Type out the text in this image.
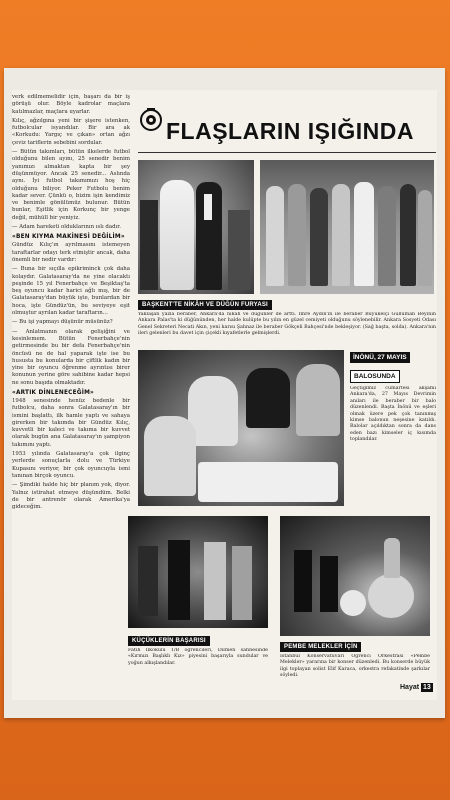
verk edilmemelidir için, başarı da bir iş görüşü olur. Böyle kadrolar maçlara katılmazlar, maçlara uyarlar.

Kılıç, ağzılgına yeni bir şişere istenken, futbolcular isyandılar. Bir ara ak «Korkudu: Yargıç ve çıkan» ortan ağzı çeviz tariflerin sebebini sordular.

— Bütün takımları, bütün ilkelerde futbol olduğunu bilen ayını, 25 senedir benim yanımızı almaktan kapta bir şey düşünmüyor. Ancak 25 senedir... Aslında aynı. İyi futbol takımımızı hoş hiç olduğunu biliyor. Peker Futbolu benim kadar sever. Çünkü o, bizim işin kendimiz ve benimle gönülümüz bulunur. Bütün bunlar, Eşitlik için Korkunç bir yenge değil, mühüll bir yeniyiz.

— Adam hareketi olduklarının ıslı dadır.

«BEN KIYMA MAKİNESİ DEĞİLİM»

Gündüz Kılıç'ın ayrılmasını istemeyen taraftarlar odayı terk etmiştir ancak, daha önemli bir nedir vardır:

— Buna bir sıçılla epikriminck çok daha kolaydır. Galatasaray'da ne yine olacaktı peşinde 15 yıl Fenerbahçe ve Beşiktaş'ta beş oyuncu kadar harici ağlı mış, bir de Galatasaray'dan büyük işte, bunlardan bir hoca, işte Gündüz'ün, bu seviyeye eşit olmuştur ayrılan kadar taraftarın...

— Bu işi yapmayı düşünür müsünüz?

— Anlatmanın olarak gelişiğini ve kesinlemem. Bütün Fenerbahçe'nin getirmesinde bu bir defa Fenerbahçe'nin öncüsü ne de hal yaparak işte ise bu hususta bu konularda bir çiftlik kadın bir yine bir oyuncu öğrenme ayrıntısı birer konunun yerine göre sahibine kadar hepsi ne sonu başıda olmaktadır.

«ARTIK DİNLENECEĞİM»

1948 senesinde henüz bedenle bir futbolcu, daha sonra Galatasaray'ın bir ismini başlattı, ilk hamle yaptı ve sahaya girerken bir takımda bir Gündüz Kılıç, kuvvetli bir kaleci ve takıma bir kuvvet olarak bugün ana Galatasaray'ın şampiyon takımını yaptı.

1953 yılında Galatasaray'a çok ilginç yerlerde sonuçlarla dolu ve Türkiye Kupasını veriyor, bir çok oyuncuyla ismi tanınan birçok oyuncu.

— Şimdiki halde hiç bir planım yok, diyor. Yalnız istirahat etmeye düşündüm. Belki de bir antrenör olarak Amerika'ya gideceğim.

FLAŞLARIN IŞIĞINDA
BAŞKENT'TE NİKÂH VE DÜĞÜN FURYASI
Yaklaşan yazla beraber, Ankara'da nikâh ve düğünler de arttı. İmre Aydın'ın ile beraber Büyükelçi Güllüman Beyinin Ankara Palas'ta ki düğününden, her halde kulüpte bu yılın en güzel cemiyeti olduğunu söylenebilir. Ankara Sosyeti Odası Genel Sekreteri Necati Akın, yeni karısı Şahnaz ile beraber Gökçeli Bahçesi'nde bekleşiyor. (Sağ başta, solda). Ankara'nın ileri gelenleri bu davet için çiçekli kıyafetlerle gelmişlerdi.
İNÖNÜ, 27 MAYIS
BALOSUNDA
Geçtiğimiz cumartesi akşamı Ankara'da, 27 Mayıs Devrimin anıları ile beraber bir balo düzenlendi. Başta İnönü ve eşleri olmak üzere pek çok tanınmış kimse balonun neşesine katıldı. Balolar açıldıktan sonra da dans eden bazı kimseler iç kısımda toplandılar.
KÜÇÜKLERİN BAŞARISI
Fatih İlkokulu 1/B öğrencileri, Dilmen sahnesinde «Kırmızı Başlıklı Kız» piyesini başarıyla sundular ve yoğun alkışlandılar.
PEMBE MELEKLER İÇİN
İstanbul Konservatuvarı Öğrenci Orkestrası «Pembe Melekler» yararına bir konser düzenledi. Bu konserde büyük ilgi toplayan solist Elif Karaca, orkestra refakatinde şarkılar söyledi.
Hayat 13
